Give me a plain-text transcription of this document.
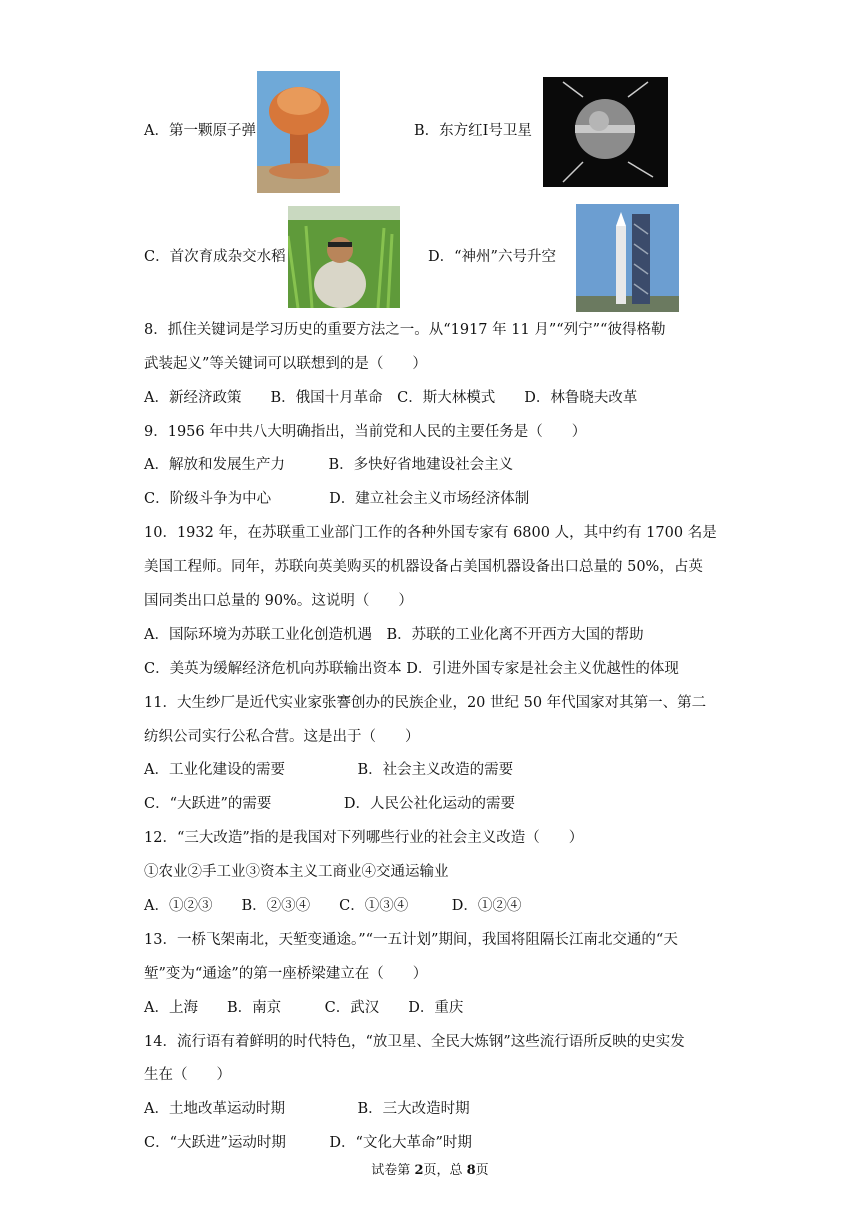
A．第一颗原子弹	B．东方红Ⅰ号卫星
C．首次育成杂交水稻	D．“神州”六号升空
8．抓住关键词是学习历史的重要方法之一。从“1917 年 11 月”“列宁”“彼得格勒
武装起义”等关键词可以联想到的是（　　）
A．新经济政策　　B．俄国十月革命　C．斯大林模式　　D．林鲁晓夫改革
9．1956 年中共八大明确指出，当前党和人民的主要任务是（　　）
A．解放和发展生产力　　　B．多快好省地建设社会主义
C．阶级斗争为中心　　　　D．建立社会主义市场经济体制
10．1932 年，在苏联重工业部门工作的各种外国专家有 6800 人，其中约有 1700 名是
美国工程师。同年，苏联向英美购买的机器设备占美国机器设备出口总量的 50%，占英
国同类出口总量的 90%。这说明（　　）
A．国际环境为苏联工业化创造机遇　B．苏联的工业化离不开西方大国的帮助
C．美英为缓解经济危机向苏联输出资本 D．引进外国专家是社会主义优越性的体现
11．大生纱厂是近代实业家张謇创办的民族企业，20 世纪 50 年代国家对其第一、第二
纺织公司实行公私合营。这是出于（　　）
A．工业化建设的需要　　　　　B．社会主义改造的需要
C．“大跃进”的需要　　　　　D．人民公社化运动的需要
12．“三大改造”指的是我国对下列哪些行业的社会主义改造（　　）
①农业②手工业③资本主义工商业④交通运输业
A．①②③　　B．②③④　　C．①③④　　　D．①②④
13．一桥飞架南北，天堑变通途。”“一五计划”期间，我国将阻隔长江南北交通的“天
堑”变为“通途”的第一座桥梁建立在（　　）
A．上海　　B．南京　　　C．武汉　　D．重庆
14．流行语有着鲜明的时代特色，“放卫星、全民大炼钢”这些流行语所反映的史实发
生在（　　）
A．土地改革运动时期　　　　　B．三大改造时期
C．“大跃进”运动时期　　　D．“文化大革命”时期
试卷第 2页，总 8页
